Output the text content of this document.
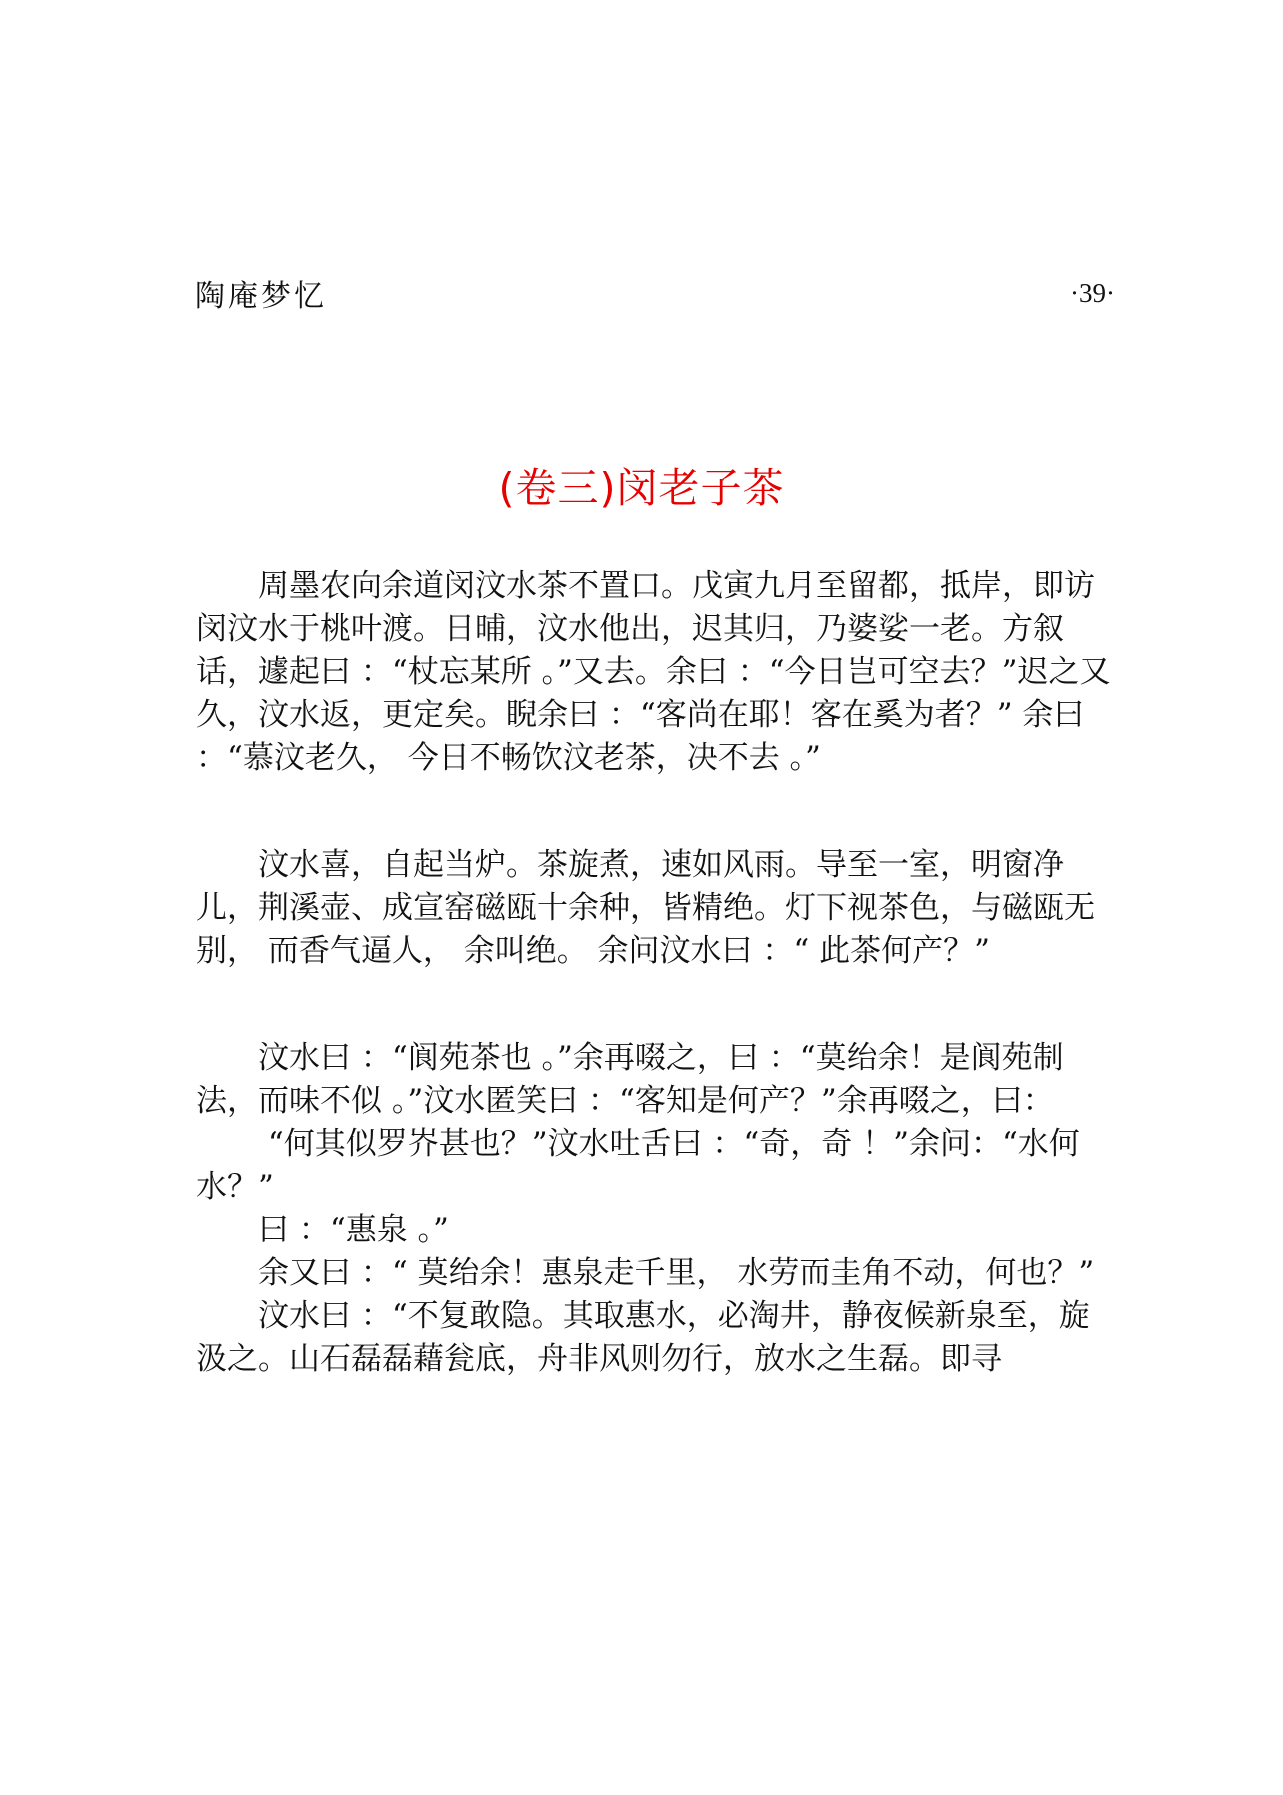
陶庵梦忆	·39·
(卷三)闵老子茶

周墨农向余道闵汶水茶不置口。戊寅九月至留都，抵岸，即访闵汶水于桃叶渡。日晡，汶水他出，迟其归，乃婆娑一老。方叙话，遽起曰 ：“杖忘某所 。”又去。余曰 ：“今日岂可空去？”迟之又久，汶水返，更定矣。睨余曰 ：“客尚在耶！客在奚为者？” 余曰 ：“慕汶老久， 今日不畅饮汶老茶，决不去 。”

汶水喜，自起当炉。茶旋煮，速如风雨。导至一室，明窗净儿，荆溪壶、成宣窑磁瓯十余种，皆精绝。灯下视茶色，与磁瓯无别， 而香气逼人， 余叫绝。 余问汶水曰 ：“ 此茶何产？”

汶水曰 ：“阆苑茶也 。”余再啜之，曰 ：“莫绐余！是阆苑制法，而味不似 。”汶水匿笑曰 ：“客知是何产？”余再啜之，曰：

“何其似罗岕甚也？”汶水吐舌曰 ：“奇，奇 ！”余问：“水何水？”

曰 ：“惠泉 。”

余又曰 ：“ 莫绐余！惠泉走千里， 水劳而圭角不动，何也？”

汶水曰 ：“不复敢隐。其取惠水，必淘井，静夜候新泉至，旋汲之。山石磊磊藉瓮底，舟非风则勿行，放水之生磊。即寻
